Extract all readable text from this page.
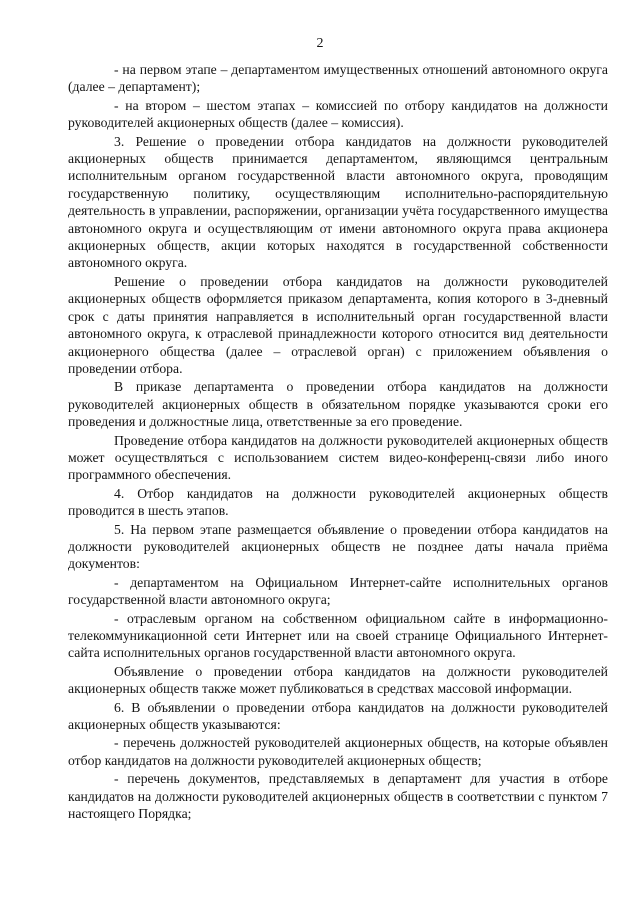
2

- на первом этапе – департаментом имущественных отношений автономного округа (далее – департамент);

- на втором – шестом этапах – комиссией по отбору кандидатов на должности руководителей акционерных обществ (далее – комиссия).

3. Решение о проведении отбора кандидатов на должности руководителей акционерных обществ принимается департаментом, являющимся центральным исполнительным органом государственной власти автономного округа, проводящим государственную политику, осуществляющим исполнительно-распорядительную деятельность в управлении, распоряжении, организации учёта государственного имущества автономного округа и осуществляющим от имени автономного округа права акционера акционерных обществ, акции которых находятся в государственной собственности автономного округа.

Решение о проведении отбора кандидатов на должности руководителей акционерных обществ оформляется приказом департамента, копия которого в 3-дневный срок с даты принятия направляется в исполнительный орган государственной власти автономного округа, к отраслевой принадлежности которого относится вид деятельности акционерного общества (далее – отраслевой орган) с приложением объявления о проведении отбора.

В приказе департамента о проведении отбора кандидатов на должности руководителей акционерных обществ в обязательном порядке указываются сроки его проведения и должностные лица, ответственные за его проведение.

Проведение отбора кандидатов на должности руководителей акционерных обществ может осуществляться с использованием систем видео-конференц-связи либо иного программного обеспечения.

4. Отбор кандидатов на должности руководителей акционерных обществ проводится в шесть этапов.

5. На первом этапе размещается объявление о проведении отбора кандидатов на должности руководителей акционерных обществ не позднее даты начала приёма документов:

- департаментом на Официальном Интернет-сайте исполнительных органов государственной власти автономного округа;

- отраслевым органом на собственном официальном сайте в информационно-телекоммуникационной сети Интернет или на своей странице Официального Интернет-сайта исполнительных органов государственной власти автономного округа.

Объявление о проведении отбора кандидатов на должности руководителей акционерных обществ также может публиковаться в средствах массовой информации.

6. В объявлении о проведении отбора кандидатов на должности руководителей акционерных обществ указываются:

- перечень должностей руководителей акционерных обществ, на которые объявлен отбор кандидатов на должности руководителей акционерных обществ;

- перечень документов, представляемых в департамент для участия в отборе кандидатов на должности руководителей акционерных обществ в соответствии с пунктом 7 настоящего Порядка;
